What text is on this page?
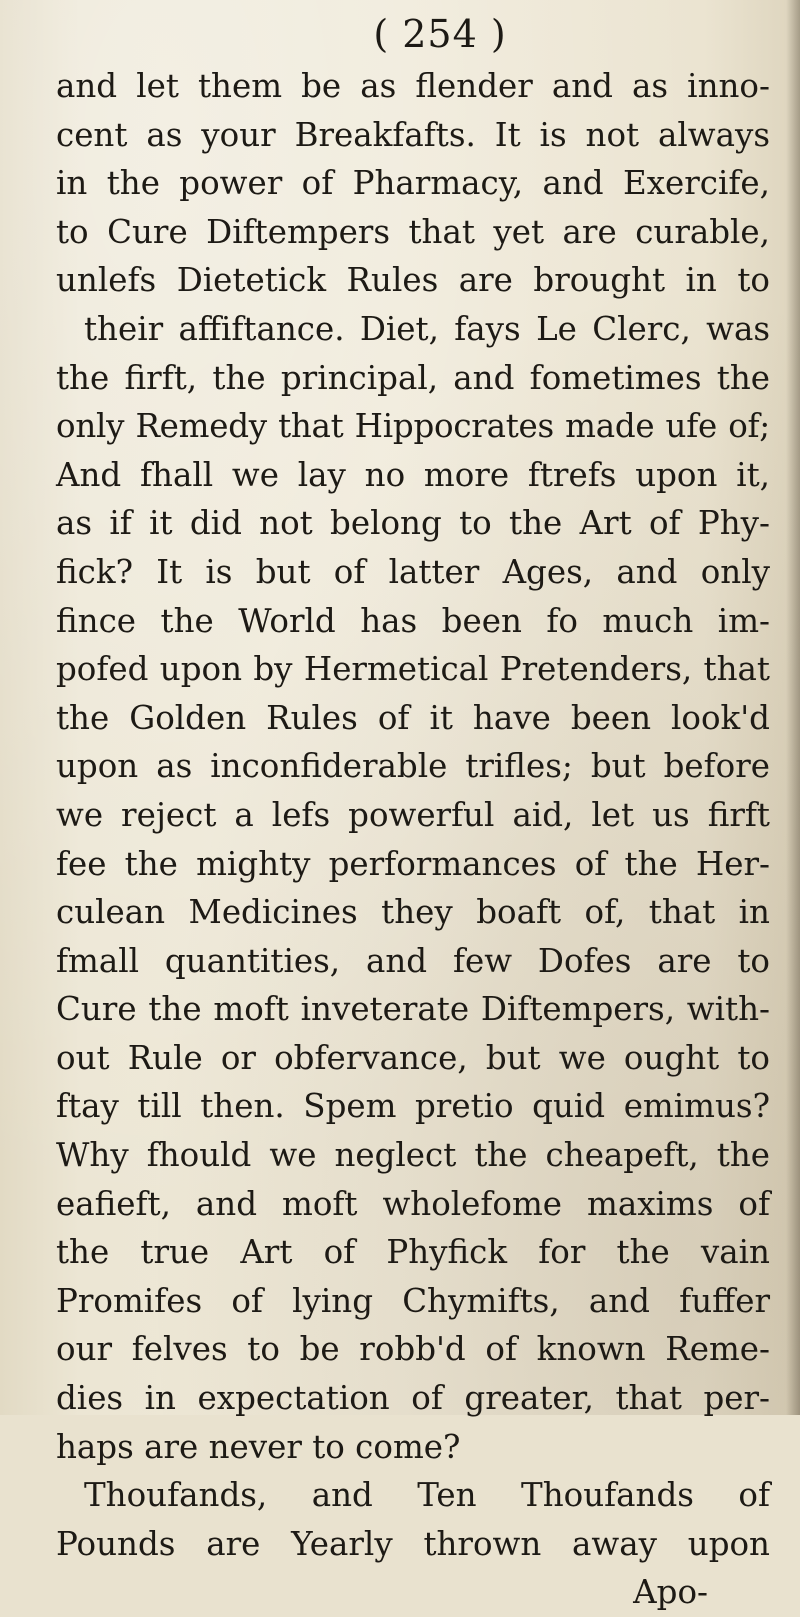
( 254 )

and let them be as flender and as inno-
cent as your Breakfafts. It is not always
in the power of Pharmacy, and Exercife,
to Cure Diftempers that yet are curable,
unlefs Dietetick Rules are brought in to
their affiftance. Diet, fays Le Clerc, was
the firft, the principal, and fometimes the
only Remedy that Hippocrates made ufe of;
And fhall we lay no more ftrefs upon it,
as if it did not belong to the Art of Phy-
fick? It is but of latter Ages, and only
fince the World has been fo much im-
pofed upon by Hermetical Pretenders, that
the Golden Rules of it have been look'd
upon as inconfiderable trifles; but before
we reject a lefs powerful aid, let us firft
fee the mighty performances of the Her-
culean Medicines they boaft of, that in
fmall quantities, and few Dofes are to
Cure the moft inveterate Diftempers, with-
out Rule or obfervance, but we ought to
ftay till then. Spem pretio quid emimus?
Why fhould we neglect the cheapeft, the
eafieft, and moft wholefome maxims of
the true Art of Phyfick for the vain
Promifes of lying Chymifts, and fuffer
our felves to be robb'd of known Reme-
dies in expectation of greater, that per-
haps are never to come?
Thoufands, and Ten Thoufands of
Pounds are Yearly thrown away upon
Apo-
